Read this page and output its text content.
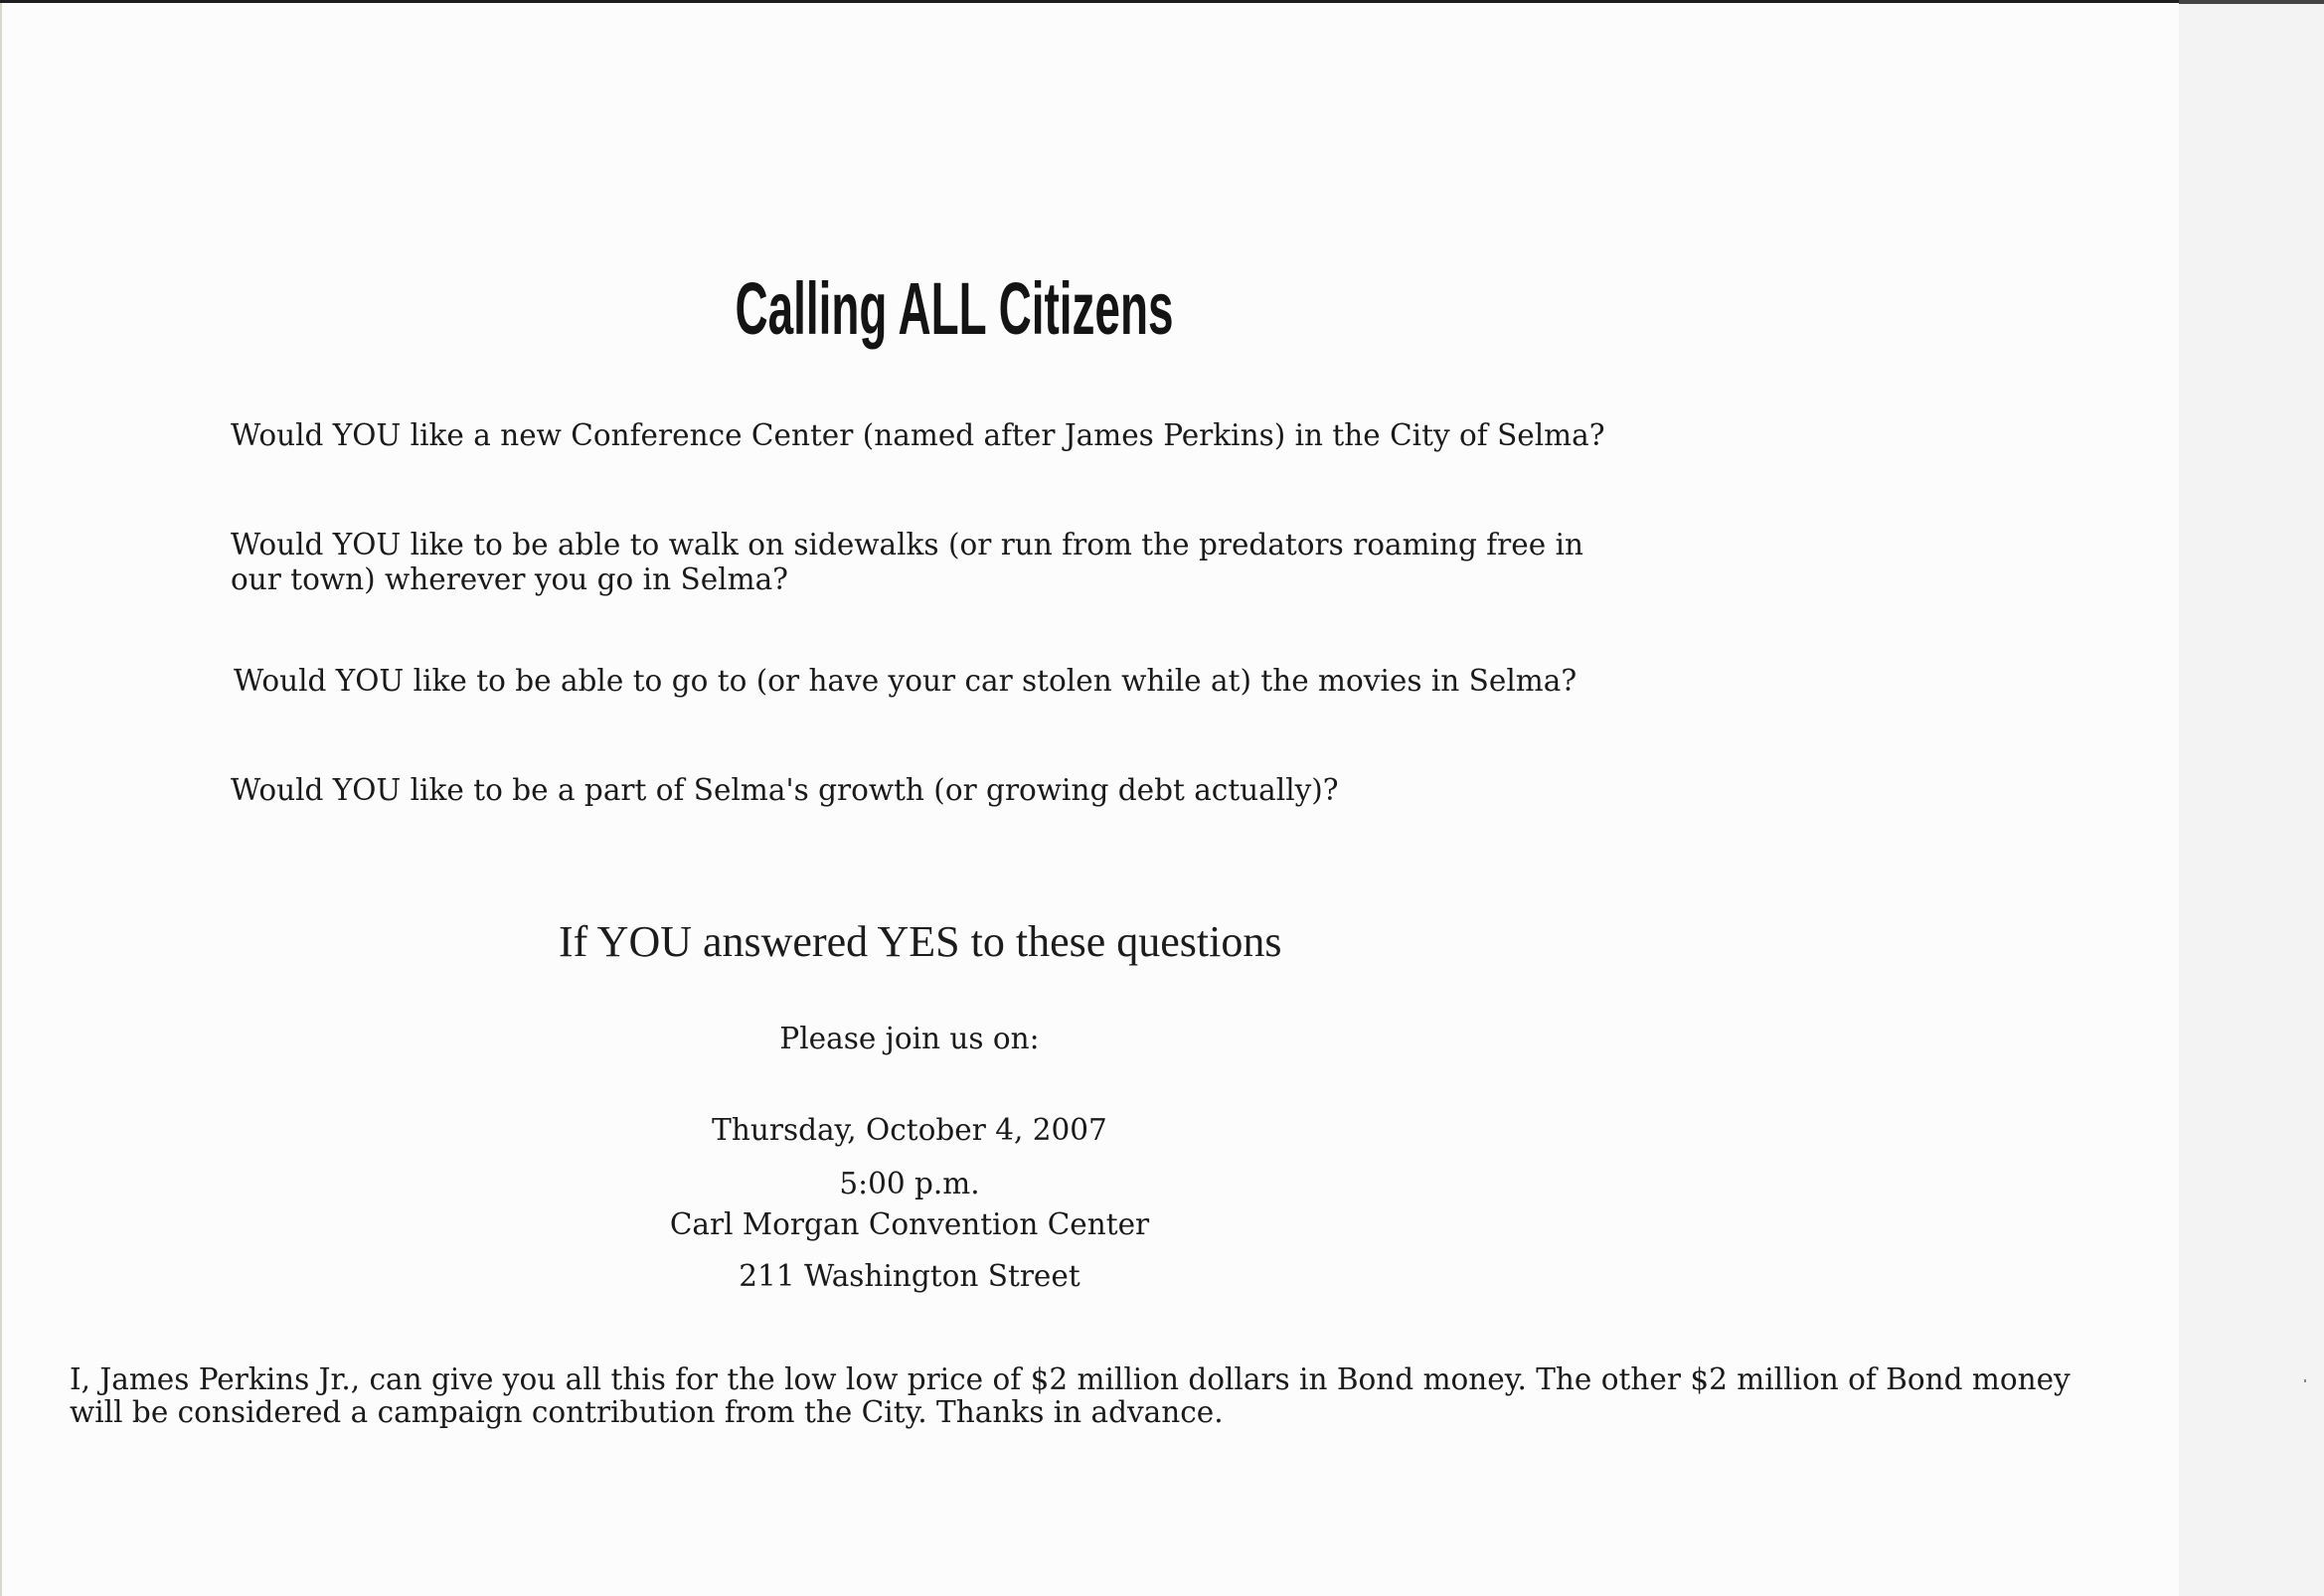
Calling ALL Citizens
Would YOU like a new Conference Center (named after James Perkins) in the City of Selma?
Would YOU like to be able to walk on sidewalks (or run from the predators roaming free in
our town) wherever you go in Selma?
Would YOU like to be able to go to (or have your car stolen while at) the movies in Selma?
Would YOU like to be a part of Selma's growth (or growing debt actually)?
If YOU answered YES to these questions
Please join us on:
Thursday, October 4, 2007
5:00 p.m.
Carl Morgan Convention Center
211 Washington Street
I, James Perkins Jr., can give you all this for the low low price of $2 million dollars in Bond money. The other $2 million of Bond money
will be considered a campaign contribution from the City. Thanks in advance.
